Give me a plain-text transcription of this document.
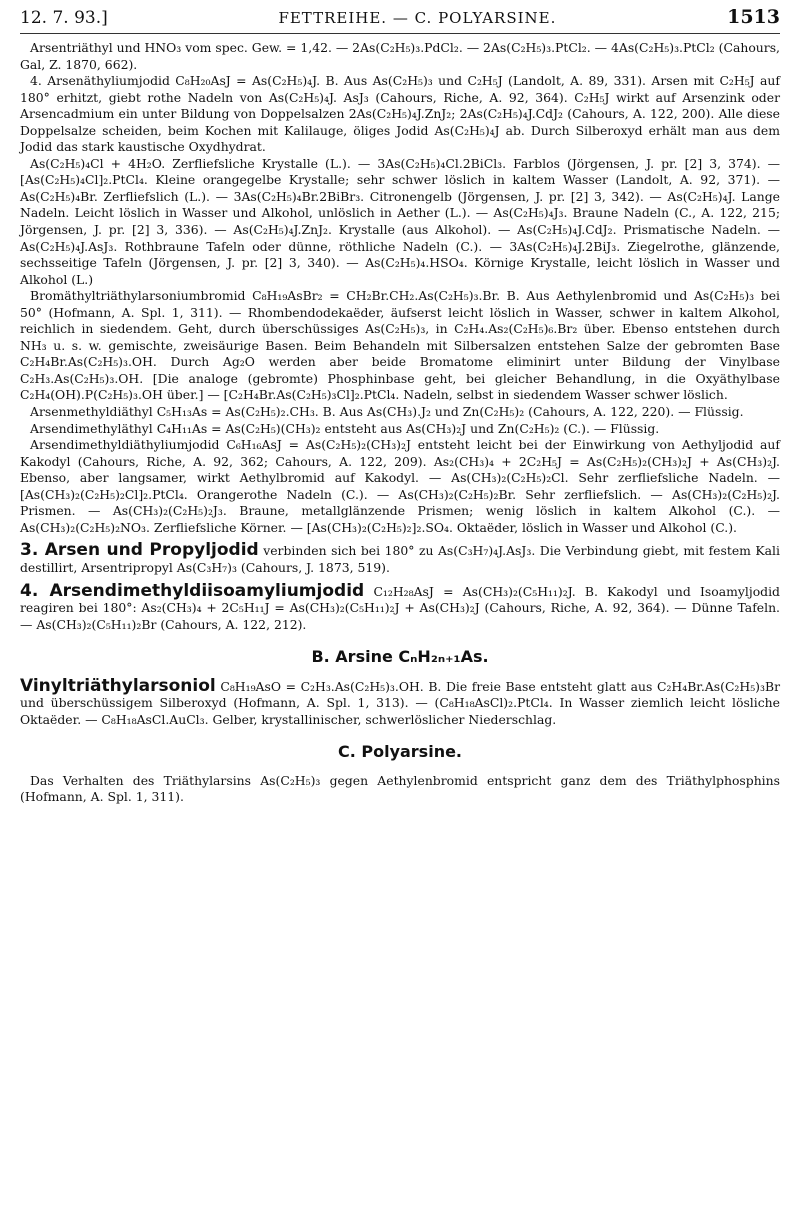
12. 7. 93.]	FETTREIHE. — C. POLYARSINE.	1513

Arsentriäthyl und HNO₃ vom spec. Gew. = 1,42. — 2As(C₂H₅)₃.PdCl₂. — 2As(C₂H₅)₃.PtCl₂. — 4As(C₂H₅)₃.PtCl₂ (Cahours, Gal, Z. 1870, 662).

4. Arsenäthyliumjodid C₈H₂₀AsJ = As(C₂H₅)₄J. B. Aus As(C₂H₅)₃ und C₂H₅J (Landolt, A. 89, 331). Arsen mit C₂H₅J auf 180° erhitzt, giebt rothe Nadeln von As(C₂H₅)₄J. AsJ₃ (Cahours, Riche, A. 92, 364). C₂H₅J wirkt auf Arsenzink oder Arsencadmium ein unter Bildung von Doppelsalzen 2As(C₂H₅)₄J.ZnJ₂; 2As(C₂H₅)₄J.CdJ₂ (Cahours, A. 122, 200). Alle diese Doppelsalze scheiden, beim Kochen mit Kalilauge, öliges Jodid As(C₂H₅)₄J ab. Durch Silberoxyd erhält man aus dem Jodid das stark kaustische Oxydhydrat.

As(C₂H₅)₄Cl + 4H₂O. Zerfliefsliche Krystalle (L.). — 3As(C₂H₅)₄Cl.2BiCl₃. Farblos (Jörgensen, J. pr. [2] 3, 374). — [As(C₂H₅)₄Cl]₂.PtCl₄. Kleine orangegelbe Krystalle; sehr schwer löslich in kaltem Wasser (Landolt, A. 92, 371). — As(C₂H₅)₄Br. Zerfliefslich (L.). — 3As(C₂H₅)₄Br.2BiBr₃. Citronengelb (Jörgensen, J. pr. [2] 3, 342). — As(C₂H₅)₄J. Lange Nadeln. Leicht löslich in Wasser und Alkohol, unlöslich in Aether (L.). — As(C₂H₅)₄J₃. Braune Nadeln (C., A. 122, 215; Jörgensen, J. pr. [2] 3, 336). — As(C₂H₅)₄J.ZnJ₂. Krystalle (aus Alkohol). — As(C₂H₅)₄J.CdJ₂. Prismatische Nadeln. — As(C₂H₅)₄J.AsJ₃. Rothbraune Tafeln oder dünne, röthliche Nadeln (C.). — 3As(C₂H₅)₄J.2BiJ₃. Ziegelrothe, glänzende, sechsseitige Tafeln (Jörgensen, J. pr. [2] 3, 340). — As(C₂H₅)₄.HSO₄. Körnige Krystalle, leicht löslich in Wasser und Alkohol (L.)

Bromäthyltriäthylarsoniumbromid C₈H₁₉AsBr₂ = CH₂Br.CH₂.As(C₂H₅)₃.Br. B. Aus Aethylenbromid und As(C₂H₅)₃ bei 50° (Hofmann, A. Spl. 1, 311). — Rhombendodekaëder, äufserst leicht löslich in Wasser, schwer in kaltem Alkohol, reichlich in siedendem. Geht, durch überschüssiges As(C₂H₅)₃, in C₂H₄.As₂(C₂H₅)₆.Br₂ über. Ebenso entstehen durch NH₃ u. s. w. gemischte, zweisäurige Basen. Beim Behandeln mit Silbersalzen entstehen Salze der gebromten Base C₂H₄Br.As(C₂H₅)₃.OH. Durch Ag₂O werden aber beide Bromatome eliminirt unter Bildung der Vinylbase C₂H₃.As(C₂H₅)₃.OH. [Die analoge (gebromte) Phosphinbase geht, bei gleicher Behandlung, in die Oxyäthylbase C₂H₄(OH).P(C₂H₅)₃.OH über.] — [C₂H₄Br.As(C₂H₅)₃Cl]₂.PtCl₄. Nadeln, selbst in siedendem Wasser schwer löslich.

Arsenmethyldiäthyl C₅H₁₃As = As(C₂H₅)₂.CH₃. B. Aus As(CH₃).J₂ und Zn(C₂H₅)₂ (Cahours, A. 122, 220). — Flüssig.

Arsendimethyläthyl C₄H₁₁As = As(C₂H₅)(CH₃)₂ entsteht aus As(CH₃)₂J und Zn(C₂H₅)₂ (C.). — Flüssig.

Arsendimethyldiäthyliumjodid C₆H₁₆AsJ = As(C₂H₅)₂(CH₃)₂J entsteht leicht bei der Einwirkung von Aethyljodid auf Kakodyl (Cahours, Riche, A. 92, 362; Cahours, A. 122, 209). As₂(CH₃)₄ + 2C₂H₅J = As(C₂H₅)₂(CH₃)₂J + As(CH₃)₂J. Ebenso, aber langsamer, wirkt Aethylbromid auf Kakodyl. — As(CH₃)₂(C₂H₅)₂Cl. Sehr zerfliefsliche Nadeln. — [As(CH₃)₂(C₂H₅)₂Cl]₂.PtCl₄. Orangerothe Nadeln (C.). — As(CH₃)₂(C₂H₅)₂Br. Sehr zerfliefslich. — As(CH₃)₂(C₂H₅)₂J. Prismen. — As(CH₃)₂(C₂H₅)₂J₃. Braune, metallglänzende Prismen; wenig löslich in kaltem Alkohol (C.). — As(CH₃)₂(C₂H₅)₂NO₃. Zerfliefsliche Körner. — [As(CH₃)₂(C₂H₅)₂]₂.SO₄. Oktaëder, löslich in Wasser und Alkohol (C.).

3. Arsen und Propyljodid verbinden sich bei 180° zu As(C₃H₇)₄J.AsJ₃. Die Verbindung giebt, mit festem Kali destillirt, Arsentripropyl As(C₃H₇)₃ (Cahours, J. 1873, 519).

4. Arsendimethyldiisoamyliumjodid C₁₂H₂₈AsJ = As(CH₃)₂(C₅H₁₁)₂J. B. Kakodyl und Isoamyljodid reagiren bei 180°: As₂(CH₃)₄ + 2C₅H₁₁J = As(CH₃)₂(C₅H₁₁)₂J + As(CH₃)₂J (Cahours, Riche, A. 92, 364). — Dünne Tafeln. — As(CH₃)₂(C₅H₁₁)₂Br (Cahours, A. 122, 212).

B. Arsine CₙH₂ₙ₊₁As.

Vinyltriäthylarsoniol C₈H₁₉AsO = C₂H₃.As(C₂H₅)₃.OH. B. Die freie Base entsteht glatt aus C₂H₄Br.As(C₂H₅)₃Br und überschüssigem Silberoxyd (Hofmann, A. Spl. 1, 313). — (C₈H₁₈AsCl)₂.PtCl₄. In Wasser ziemlich leicht lösliche Oktaëder. — C₈H₁₈AsCl.AuCl₃. Gelber, krystallinischer, schwerlöslicher Niederschlag.

C. Polyarsine.

Das Verhalten des Triäthylarsins As(C₂H₅)₃ gegen Aethylenbromid entspricht ganz dem des Triäthylphosphins (Hofmann, A. Spl. 1, 311).
